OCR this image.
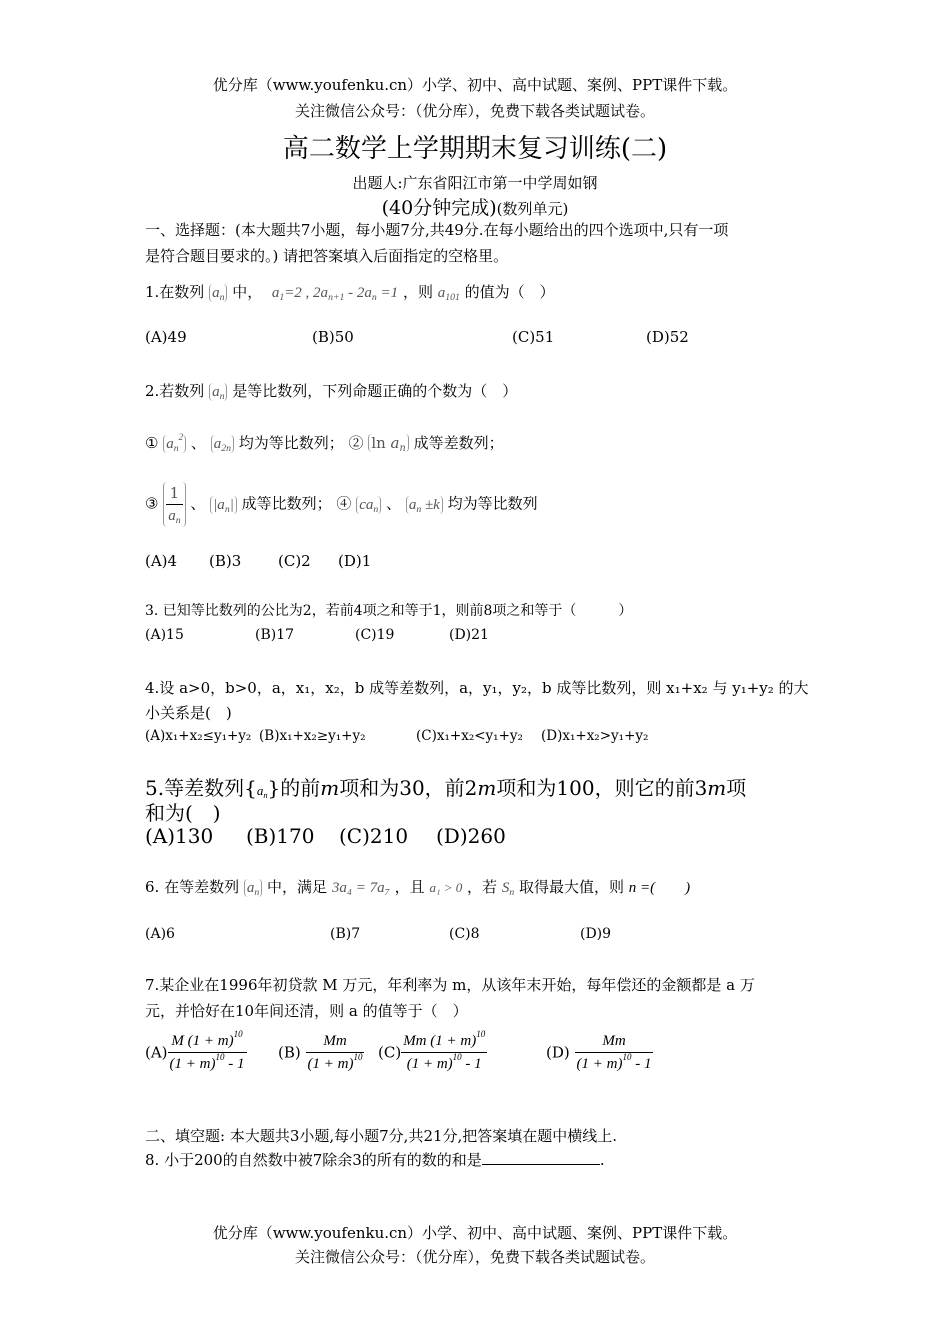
优分库（www.youfenku.cn）小学、初中、高中试题、案例、PPT课件下载。
关注微信公众号：（优分库），免费下载各类试题试卷。
高二数学上学期期末复习训练(二)
出题人:广东省阳江市第一中学周如钢
(40分钟完成)(数列单元)
一、选择题：(本大题共7小题，每小题7分,共49分.在每小题给出的四个选项中,只有一项
是符合题目要求的。) 请把答案填入后面指定的空格里。
1.在数列 $a_n$ 中， $a_1=2$ , $2a_{n+1} - 2a_n =1$ ，则 $a_{101}$ 的值为（　）
(A)49	(B)50	(C)51	(D)52
2.若数列 $a_n$ 是等比数列，下列命题正确的个数为（　）
① $a_n^2$ 、 $a_{2n}$ 均为等比数列； ② $\ln a_n$ 成等差数列；
③ $\frac{1}{a_n}$ 、 $|a_n|$ 成等比数列； ④ $ca_n$ 、 $a_n \pm k$ 均为等比数列
(A)4 (B)3 (C)2 (D)1
3. 已知等比数列的公比为2，若前4项之和等于1，则前8项之和等于（　　　）
(A)15	(B)17	(C)19	(D)21
4.设 a>0，b>0，a，x₁，x₂，b 成等差数列，a，y₁，y₂，b 成等比数列，则 x₁+x₂ 与 y₁+y₂ 的大
小关系是(　)
(A)x₁+x₂≤y₁+y₂ (B)x₁+x₂≥y₁+y₂	(C)x₁+x₂<y₁+y₂ (D)x₁+x₂>y₁+y₂
5.等差数列$\{a_n\}$的前m项和为30，前2m项和为100，则它的前3m项
和为(　)
(A)130 (B)170 (C)210 (D)260
6. 在等差数列 $a_n$ 中，满足 3a₄ = 7a₇ ，且 a₁ > 0 ，若 $S_n$ 取得最大值，则 n =(　　)
(A)6	(B)7	(C)8	(D)9
7.某企业在1996年初贷款 M 万元，年利率为 m，从该年末开始，每年偿还的金额都是 a 万
元，并恰好在10年间还清，则 a 的值等于（　）
$(A) \frac{M (1 + m)^{10}}{(1 + m)^{10} - 1} (B) \frac{Mm}{(1 + m)^{10}} (C) \frac{Mm (1 + m)^{10}}{(1 + m)^{10} - 1}$	$(D) \frac{Mm}{(1 + m)^{10} - 1}$
二、填空题: 本大题共3小题,每小题7分,共21分,把答案填在题中横线上.
8. 小于200的自然数中被7除余3的所有的数的和是	.
优分库（www.youfenku.cn）小学、初中、高中试题、案例、PPT课件下载。
关注微信公众号：（优分库），免费下载各类试题试卷。
